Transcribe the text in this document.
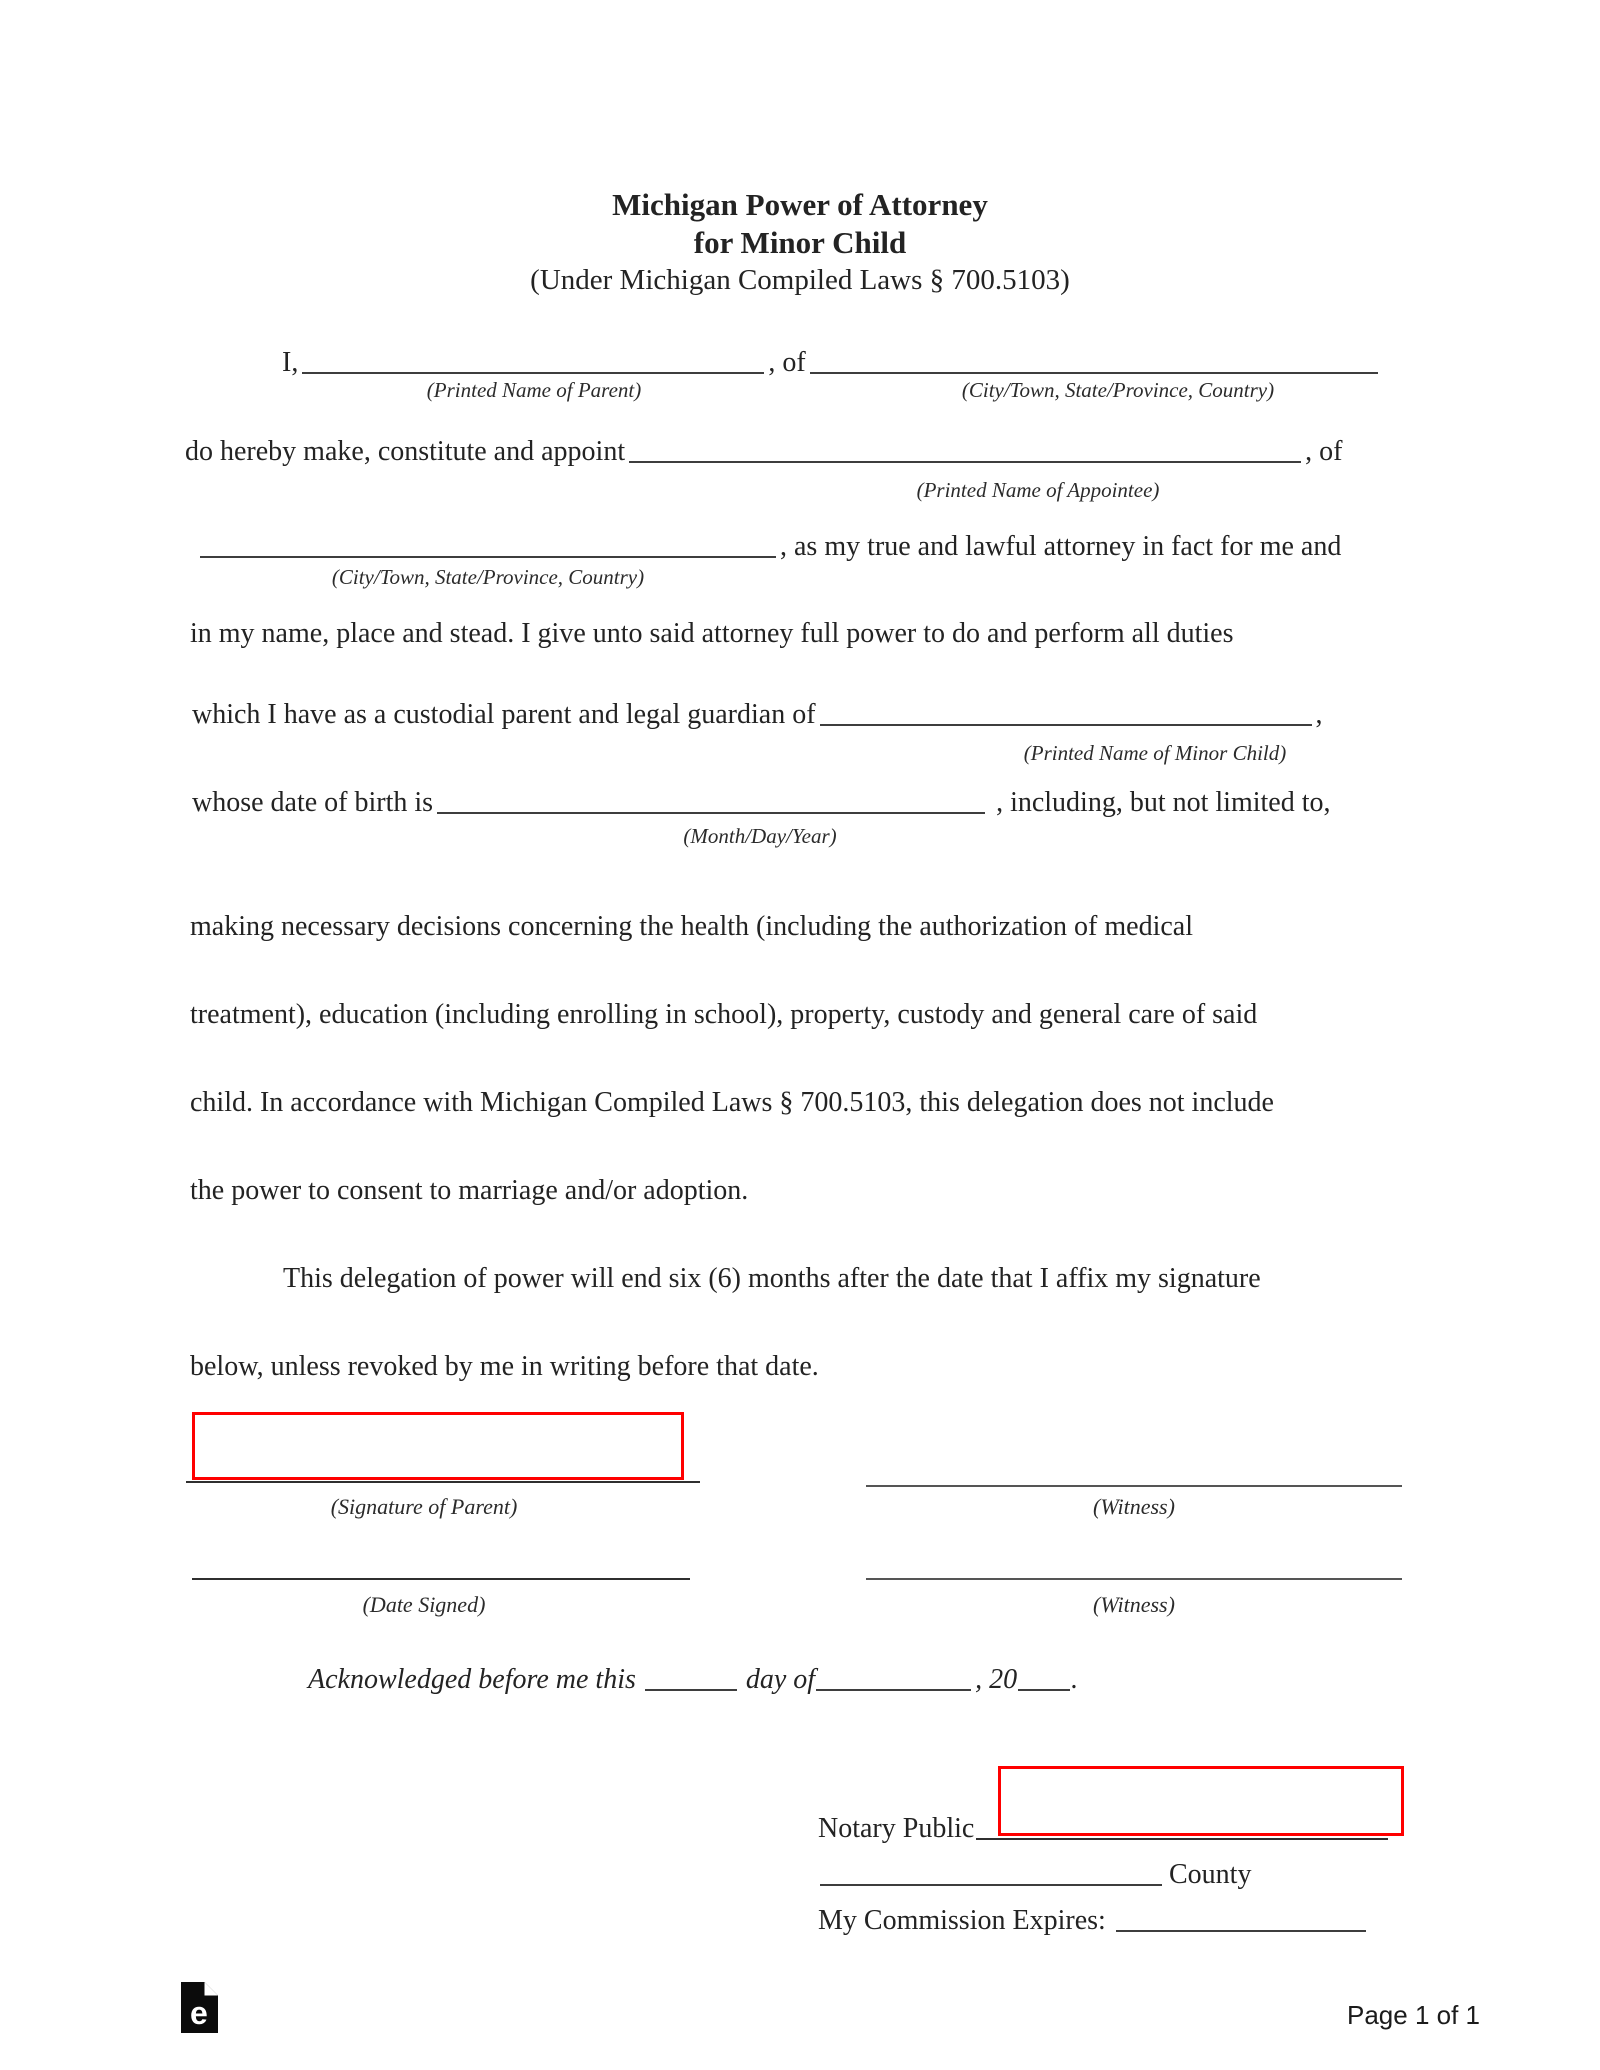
Michigan Power of Attorney
for Minor Child
(Under Michigan Compiled Laws § 700.5103)
I,	, of
(Printed Name of Parent)	(City/Town, State/Province, Country)
do hereby make, constitute and appoint	, of
(Printed Name of Appointee)
, as my true and lawful attorney in fact for me and
(City/Town, State/Province, Country)
in my name, place and stead. I give unto said attorney full power to do and perform all duties
which I have as a custodial parent and legal guardian of	,
(Printed Name of Minor Child)
whose date of birth is	, including, but not limited to,
(Month/Day/Year)
making necessary decisions concerning the health (including the authorization of medical
treatment), education (including enrolling in school), property, custody and general care of said
child. In accordance with Michigan Compiled Laws § 700.5103, this delegation does not include
the power to consent to marriage and/or adoption.
This delegation of power will end six (6) months after the date that I affix my signature
below, unless revoked by me in writing before that date.
(Signature of Parent)	(Witness)
(Date Signed)	(Witness)
Acknowledged before me this	day of	, 20 .
Notary Public
County
My Commission Expires:
e	Page 1 of 1
